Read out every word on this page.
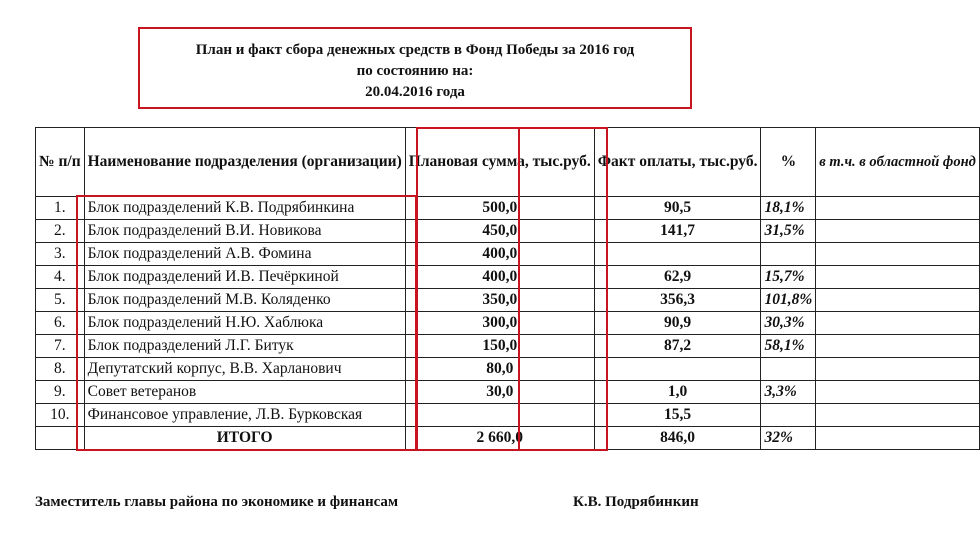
План и факт сбора денежных средств в Фонд Победы за 2016 год
по состоянию на:
20.04.2016 года
№ п/п	Наименование подразделения (организации)	Плановая сумма, тыс.руб.	Факт оплаты, тыс.руб.	%	в т.ч. в областной фонд
1.	Блок подразделений К.В. Подрябинкина	500,0	90,5	18,1%	
2.	Блок подразделений В.И. Новикова	450,0	141,7	31,5%	
3.	Блок подразделений А.В. Фомина	400,0			
4.	Блок подразделений И.В. Печёркиной	400,0	62,9	15,7%	
5.	Блок подразделений М.В. Коляденко	350,0	356,3	101,8%	
6.	Блок подразделений Н.Ю. Хаблюка	300,0	90,9	30,3%	
7.	Блок подразделений Л.Г. Битук	150,0	87,2	58,1%	
8.	Депутатский корпус, В.В. Харланович	80,0			
9.	Совет ветеранов	30,0	1,0	3,3%	
10.	Финансовое управление, Л.В. Бурковская		15,5		
	ИТОГО	2 660,0	846,0	32%	
Заместитель главы района по экономике и финансам	К.В. Подрябинкин
